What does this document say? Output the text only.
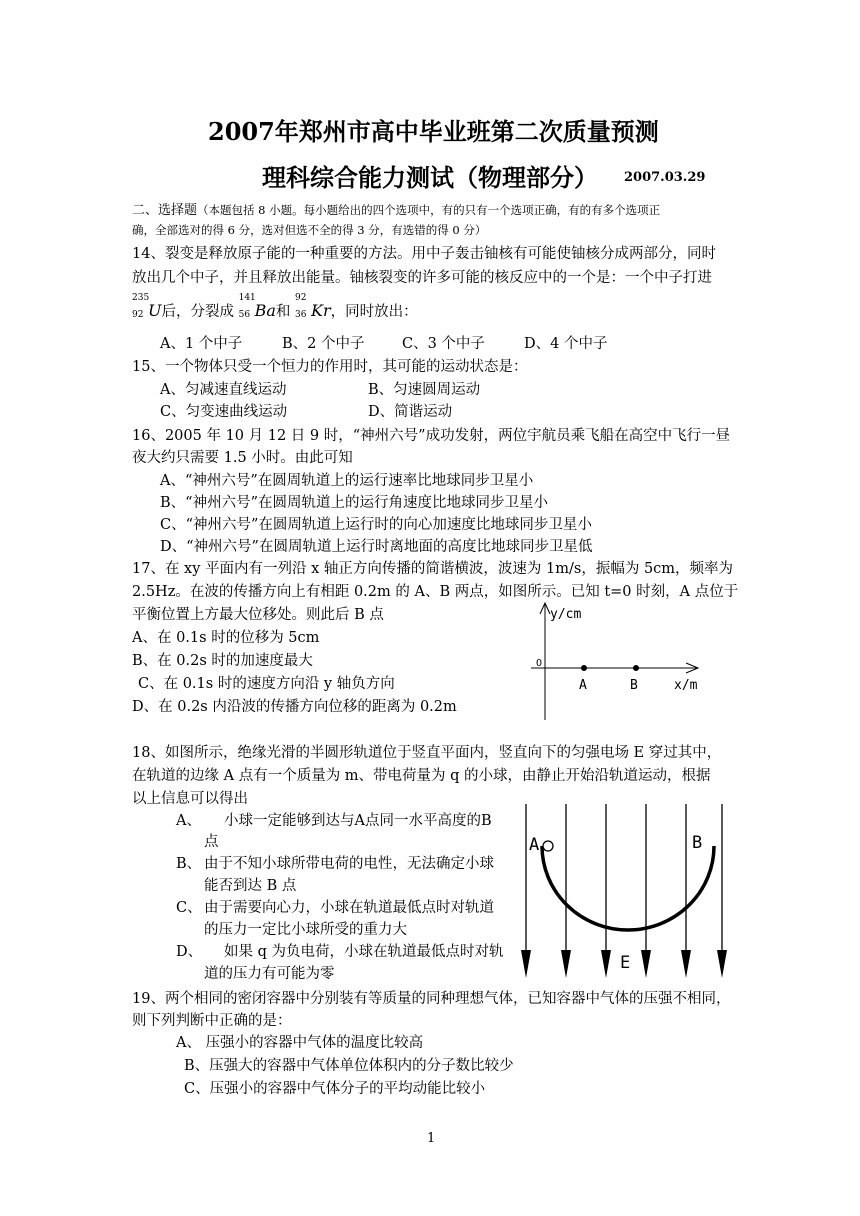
2007年郑州市高中毕业班第二次质量预测
理科综合能力测试（物理部分） 2007.03.29
二、选择题（本题包括 8 小题。每小题给出的四个选项中，有的只有一个选项正确，有的有多个选项正
确，全部选对的得 6 分，选对但选不全的得 3 分，有选错的得 0 分）
14、裂变是释放原子能的一种重要的方法。用中子轰击铀核有可能使铀核分成两部分，同时
放出几个中子，并且释放出能量。铀核裂变的许多可能的核反应中的一个是：一个中子打进
235
92 U后，分裂成
141
56 Ba和
92
36 Kr，同时放出：
A、1 个中子	B、2 个中子	C、3 个中子	D、4 个中子
15、一个物体只受一个恒力的作用时，其可能的运动状态是：
A、匀减速直线运动	B、匀速圆周运动
C、匀变速曲线运动	D、简谐运动
16、2005 年 10 月 12 日 9 时，“神州六号”成功发射，两位宇航员乘飞船在高空中飞行一昼
夜大约只需要 1.5 小时。由此可知
A、“神州六号”在圆周轨道上的运行速率比地球同步卫星小
B、“神州六号”在圆周轨道上的运行角速度比地球同步卫星小
C、“神州六号”在圆周轨道上运行时的向心加速度比地球同步卫星小
D、“神州六号”在圆周轨道上运行时离地面的高度比地球同步卫星低
17、在 xy 平面内有一列沿 x 轴正方向传播的简谐横波，波速为 1m/s，振幅为 5cm，频率为
2.5Hz。在波的传播方向上有相距 0.2m 的 A、B 两点，如图所示。已知 t=0 时刻，A 点位于
平衡位置上方最大位移处。则此后 B 点
A、在 0.1s 时的位移为 5cm
B、在 0.2s 时的加速度最大
C、在 0.1s 时的速度方向沿 y 轴负方向
D、在 0.2s 内沿波的传播方向位移的距离为 0.2m
y/cm
O
A	B	x/m
18、如图所示，绝缘光滑的半圆形轨道位于竖直平面内，竖直向下的匀强电场 E 穿过其中，
在轨道的边缘 A 点有一个质量为 m、带电荷量为 q 的小球，由静止开始沿轨道运动，根据
以上信息可以得出
A、 小球一定能够到达与A点同一水平高度的B
点
B、 由于不知小球所带电荷的电性，无法确定小球
能否到达 B 点
C、 由于需要向心力，小球在轨道最低点时对轨道
的压力一定比小球所受的重力大
D、 如果 q 为负电荷，小球在轨道最低点时对轨
道的压力有可能为零
A	B
E
19、两个相同的密闭容器中分别装有等质量的同种理想气体，已知容器中气体的压强不相同，
则下列判断中正确的是：
A、 压强小的容器中气体的温度比较高
B、压强大的容器中气体单位体积内的分子数比较少
C、压强小的容器中气体分子的平均动能比较小
1
